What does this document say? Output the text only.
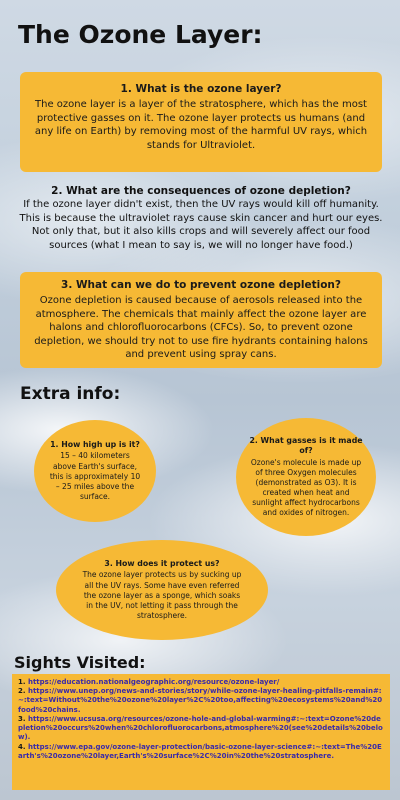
The Ozone Layer:
1. What is the ozone layer?
The ozone layer is a layer of the stratosphere, which has the most protective gasses on it. The ozone layer protects us humans (and any life on Earth) by removing most of the harmful UV rays, which stands for Ultraviolet.
2. What are the consequences of ozone depletion?
If the ozone layer didn't exist, then the UV rays would kill off humanity. This is because the ultraviolet rays cause skin cancer and hurt our eyes. Not only that, but it also kills crops and will severely affect our food sources (what I mean to say is, we will no longer have food.)
3. What can we do to prevent ozone depletion?
Ozone depletion is caused because of aerosols released into the atmosphere. The chemicals that mainly affect the ozone layer are halons and chlorofluorocarbons (CFCs). So, to prevent ozone depletion, we should try not to use fire hydrants containing halons and prevent using spray cans.
Extra info:
1. How high up is it?
15 – 40 kilometers above Earth's surface, this is approximately 10 – 25 miles above the surface.
2. What gasses is it made of?
Ozone's molecule is made up of three Oxygen molecules (demonstrated as O3). It is created when heat and sunlight affect hydrocarbons and oxides of nitrogen.
3. How does it protect us?
The ozone layer protects us by sucking up all the UV rays. Some have even referred the ozone layer as a sponge, which soaks in the UV, not letting it pass through the stratosphere.
Sights Visited:
1. https://education.nationalgeographic.org/resource/ozone-layer/
2. https://www.unep.org/news-and-stories/story/while-ozone-layer-healing-pitfalls-remain#:~:text=Without%20the%20ozone%20layer%2C%20too,affecting%20ecosystems%20and%20food%20chains.
3. https://www.ucsusa.org/resources/ozone-hole-and-global-warming#:~:text=Ozone%20depletion%20occurs%20when%20chlorofluorocarbons,atmosphere%20(see%20details%20below).
4. https://www.epa.gov/ozone-layer-protection/basic-ozone-layer-science#:~:text=The%20Earth's%20ozone%20layer,Earth's%20surface%2C%20in%20the%20stratosphere.
